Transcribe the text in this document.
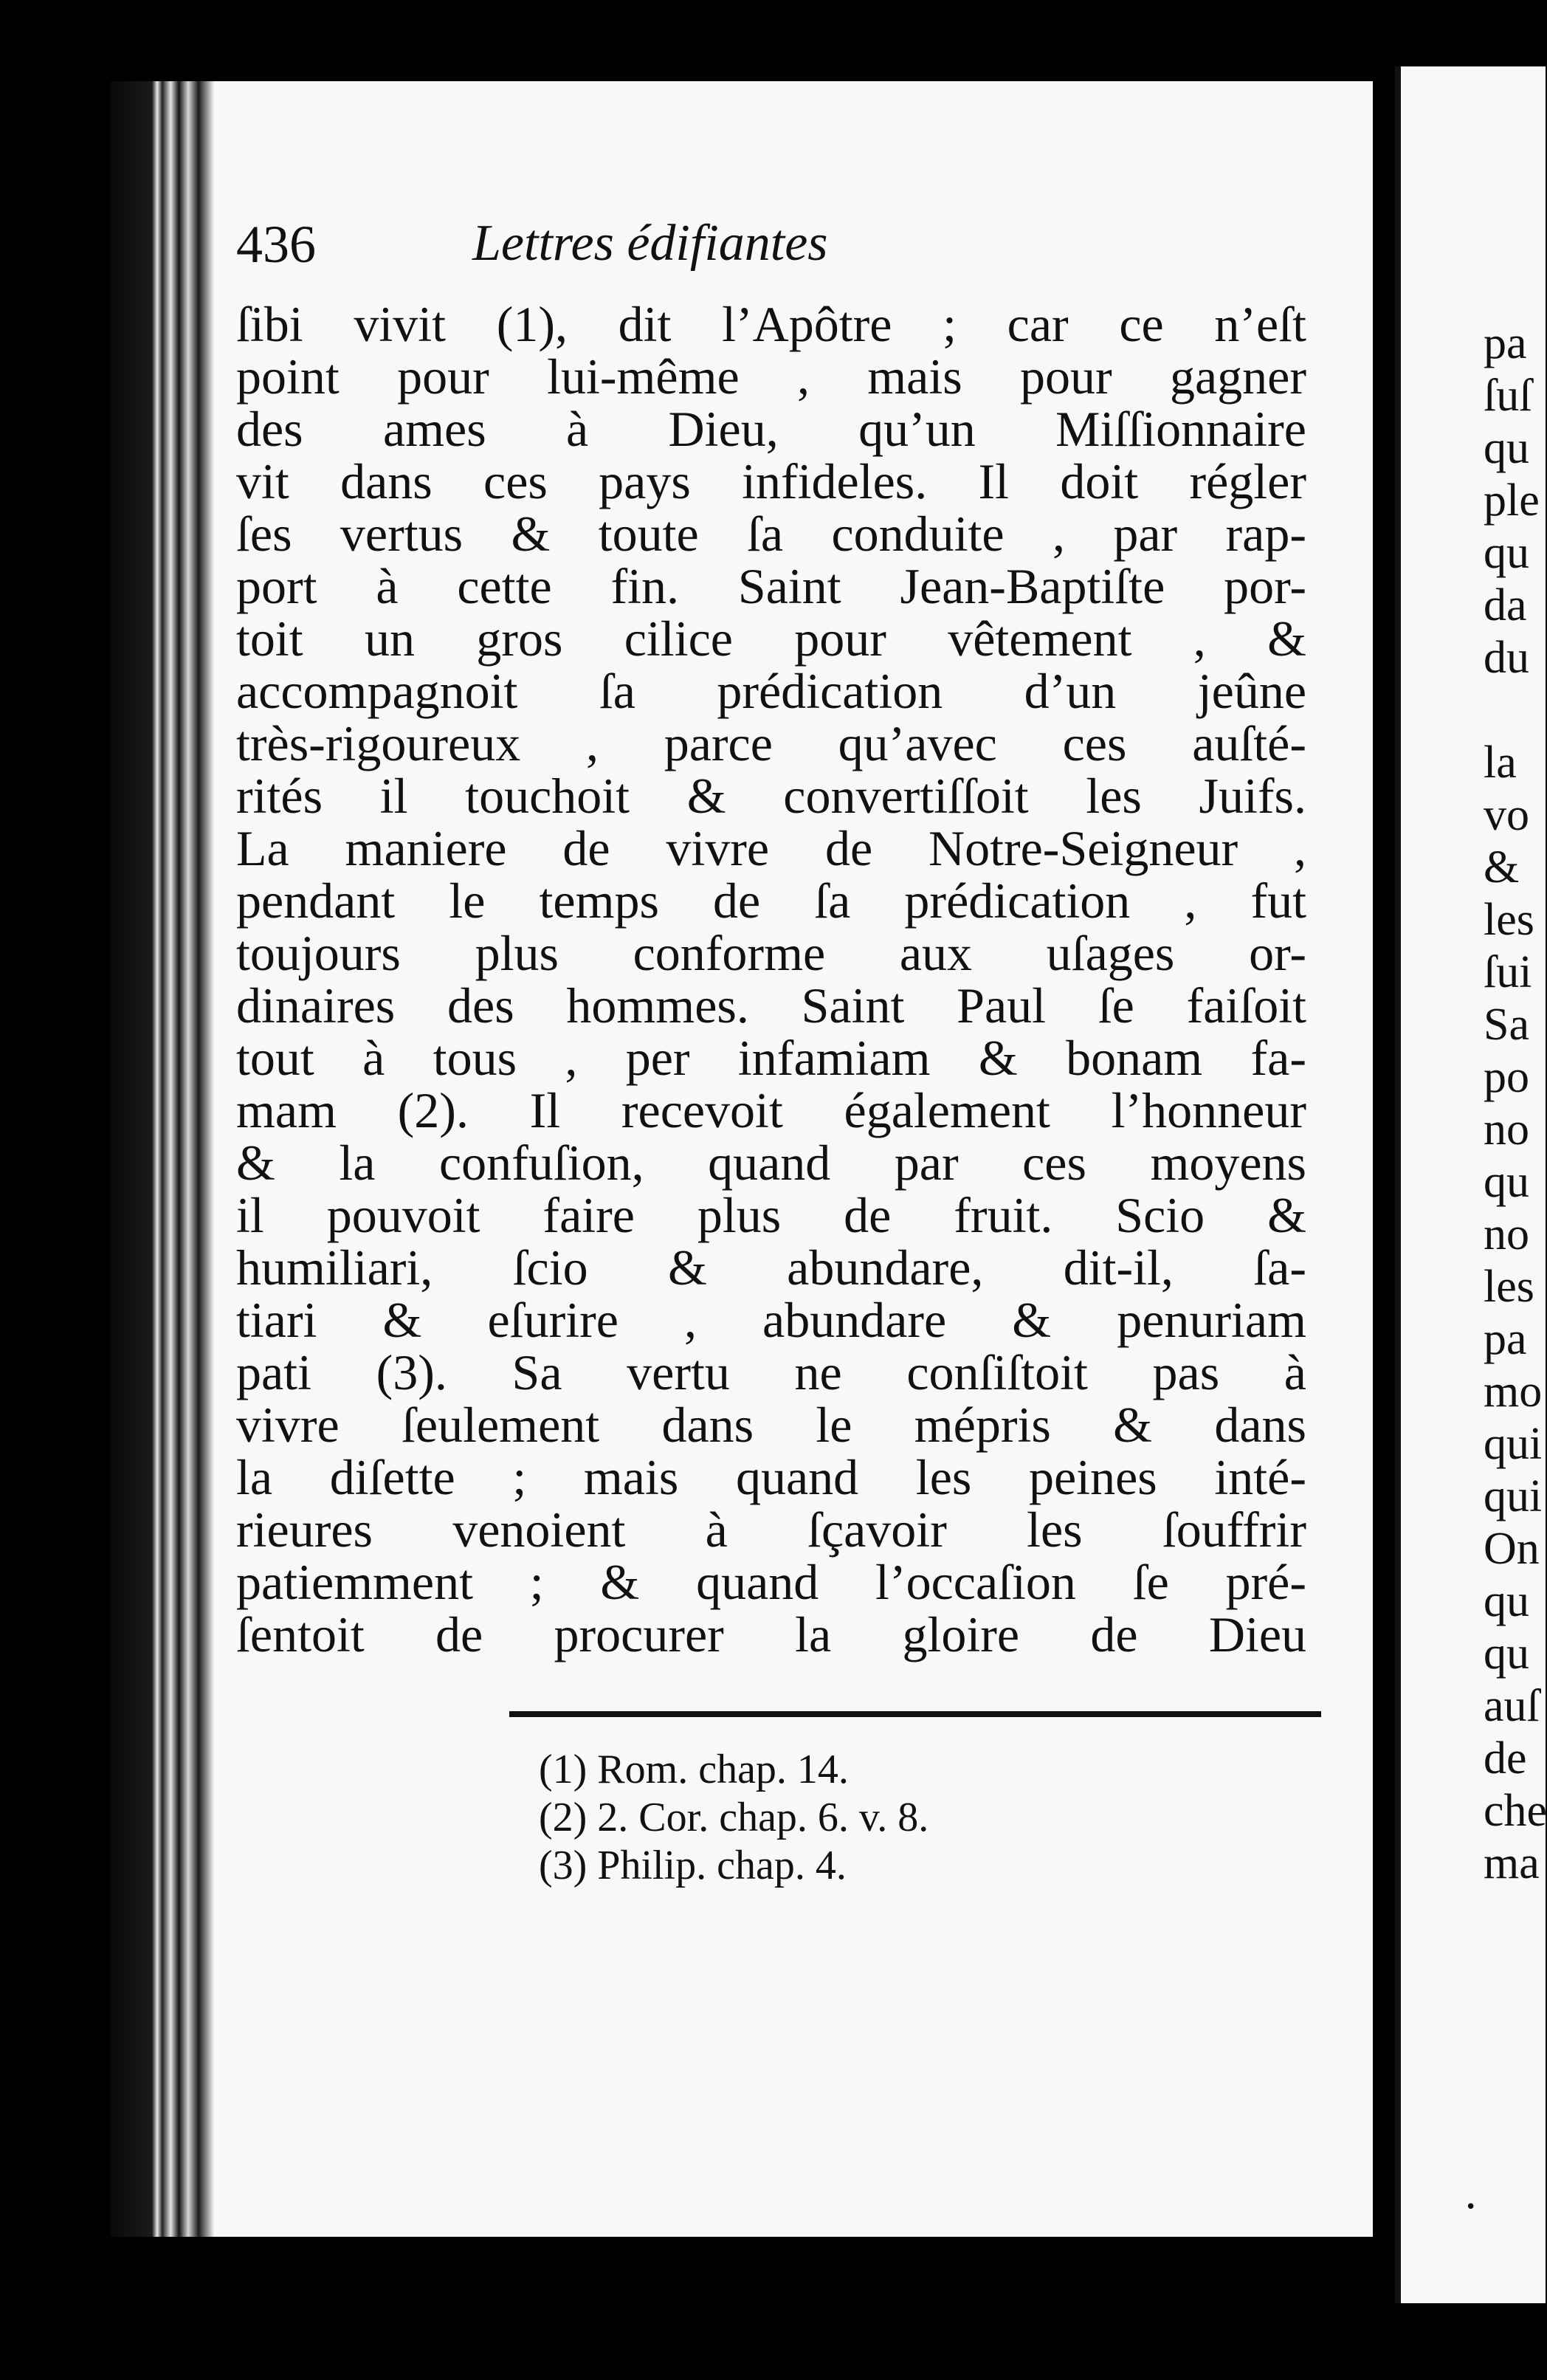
436	Lettres édifiantes
ſibi vivit (1), dit l’Apôtre ; car ce n’eſt
point pour lui-même , mais pour gagner
des ames à Dieu, qu’un Miſſionnaire
vit dans ces pays infideles. Il doit régler
ſes vertus & toute ſa conduite , par rap-
port à cette fin. Saint Jean-Baptiſte por-
toit un gros cilice pour vêtement , &
accompagnoit ſa prédication d’un jeûne
très-rigoureux , parce qu’avec ces auſté-
rités il touchoit & convertiſſoit les Juifs.
La maniere de vivre de Notre-Seigneur ,
pendant le temps de ſa prédication , fut
toujours plus conforme aux uſages or-
dinaires des hommes. Saint Paul ſe faiſoit
tout à tous , per infamiam & bonam fa-
mam (2). Il recevoit également l’honneur
& la confuſion, quand par ces moyens
il pouvoit faire plus de fruit. Scio &
humiliari, ſcio & abundare, dit-il, ſa-
tiari & eſurire , abundare & penuriam
pati (3). Sa vertu ne conſiſtoit pas à
vivre ſeulement dans le mépris & dans
la diſette ; mais quand les peines inté-
rieures venoient à ſçavoir les ſouffrir
patiemment ; & quand l’occaſion ſe pré-
ſentoit de procurer la gloire de Dieu
(1) Rom. chap. 14.
(2) 2. Cor. chap. 6. v. 8.
(3) Philip. chap. 4.
pa
ſuſ
qu
ple
qu
da
du
la
vo
&
les
ſui
Sa
po
no
qu
no
les
pa
mo
qui
qui
On
qu
qu
auſ
de
che
ma
•
